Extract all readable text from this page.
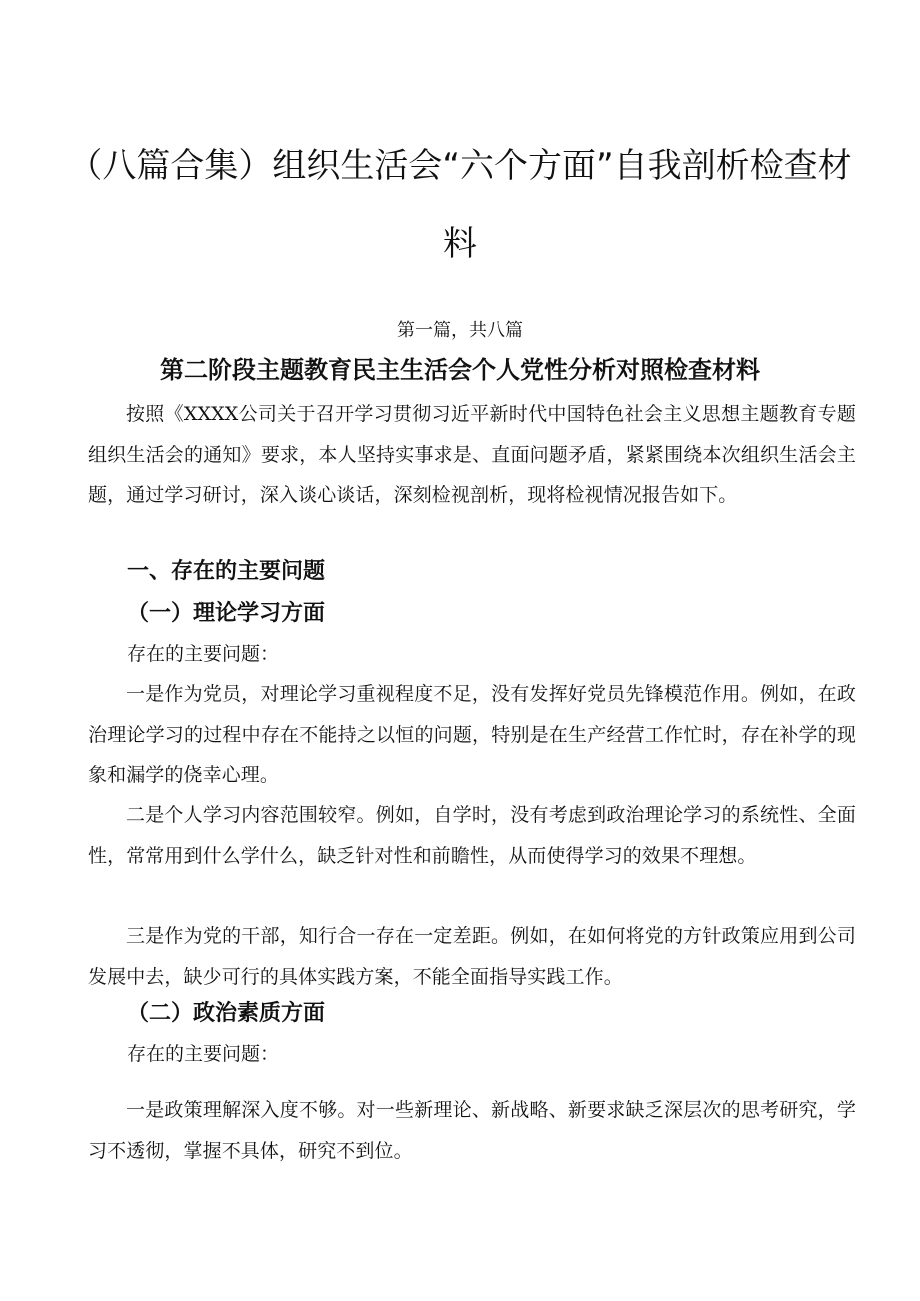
（八篇合集）组织生活会“六个方面”自我剖析检查材
料

第一篇，共八篇

第二阶段主题教育民主生活会个人党性分析对照检查材料

按照《XXXX公司关于召开学习贯彻习近平新时代中国特色社会主义思想主题教育专题组织生活会的通知》要求，本人坚持实事求是、直面问题矛盾，紧紧围绕本次组织生活会主题，通过学习研讨，深入谈心谈话，深刻检视剖析，现将检视情况报告如下。

一、存在的主要问题
（一）理论学习方面

存在的主要问题：

一是作为党员，对理论学习重视程度不足，没有发挥好党员先锋模范作用。例如，在政治理论学习的过程中存在不能持之以恒的问题，特别是在生产经营工作忙时，存在补学的现象和漏学的侥幸心理。

二是个人学习内容范围较窄。例如，自学时，没有考虑到政治理论学习的系统性、全面性，常常用到什么学什么，缺乏针对性和前瞻性，从而使得学习的效果不理想。

三是作为党的干部，知行合一存在一定差距。例如，在如何将党的方针政策应用到公司发展中去，缺少可行的具体实践方案，不能全面指导实践工作。

（二）政治素质方面

存在的主要问题：

一是政策理解深入度不够。对一些新理论、新战略、新要求缺乏深层次的思考研究，学习不透彻，掌握不具体，研究不到位。
